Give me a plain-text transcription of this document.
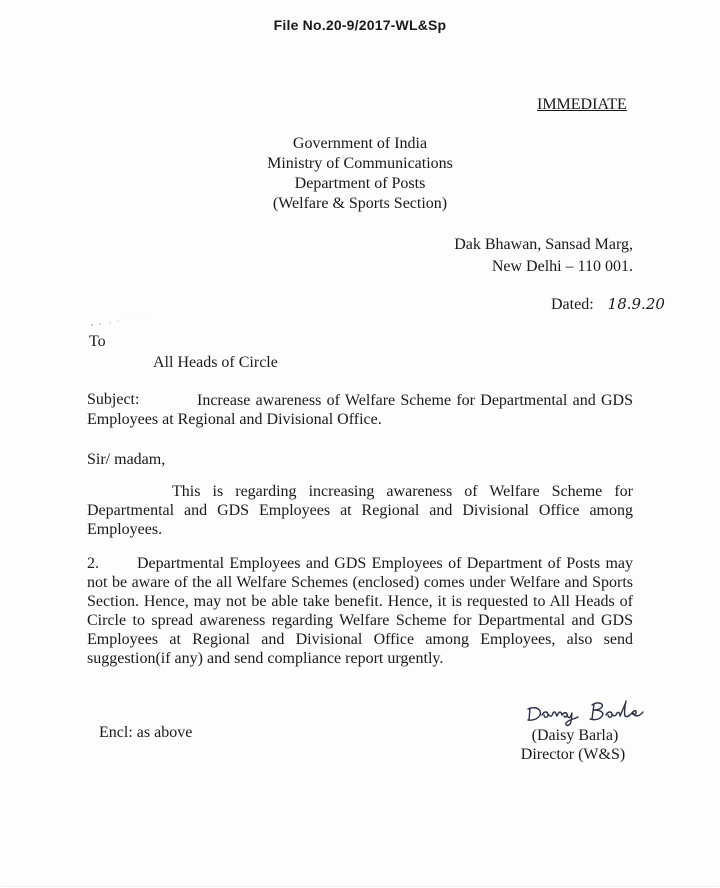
File No.20-9/2017-WL&Sp
IMMEDIATE
Government of India
Ministry of Communications
Department of Posts
(Welfare & Sports Section)
Dak Bhawan, Sansad Marg,
New Delhi – 110 001.
Dated: 18.9.20
To
All Heads of Circle
Subject:	Increase awareness of Welfare Scheme for Departmental and GDS Employees at Regional and Divisional Office.
Sir/ madam,
This is regarding increasing awareness of Welfare Scheme for Departmental and GDS Employees at Regional and Divisional Office among Employees.
2. Departmental Employees and GDS Employees of Department of Posts may not be aware of the all Welfare Schemes (enclosed) comes under Welfare and Sports Section. Hence, may not be able take benefit. Hence, it is requested to All Heads of Circle to spread awareness regarding Welfare Scheme for Departmental and GDS Employees at Regional and Divisional Office among Employees, also send suggestion(if any) and send compliance report urgently.
Encl: as above	(Daisy Barla)
Director (W&S)
